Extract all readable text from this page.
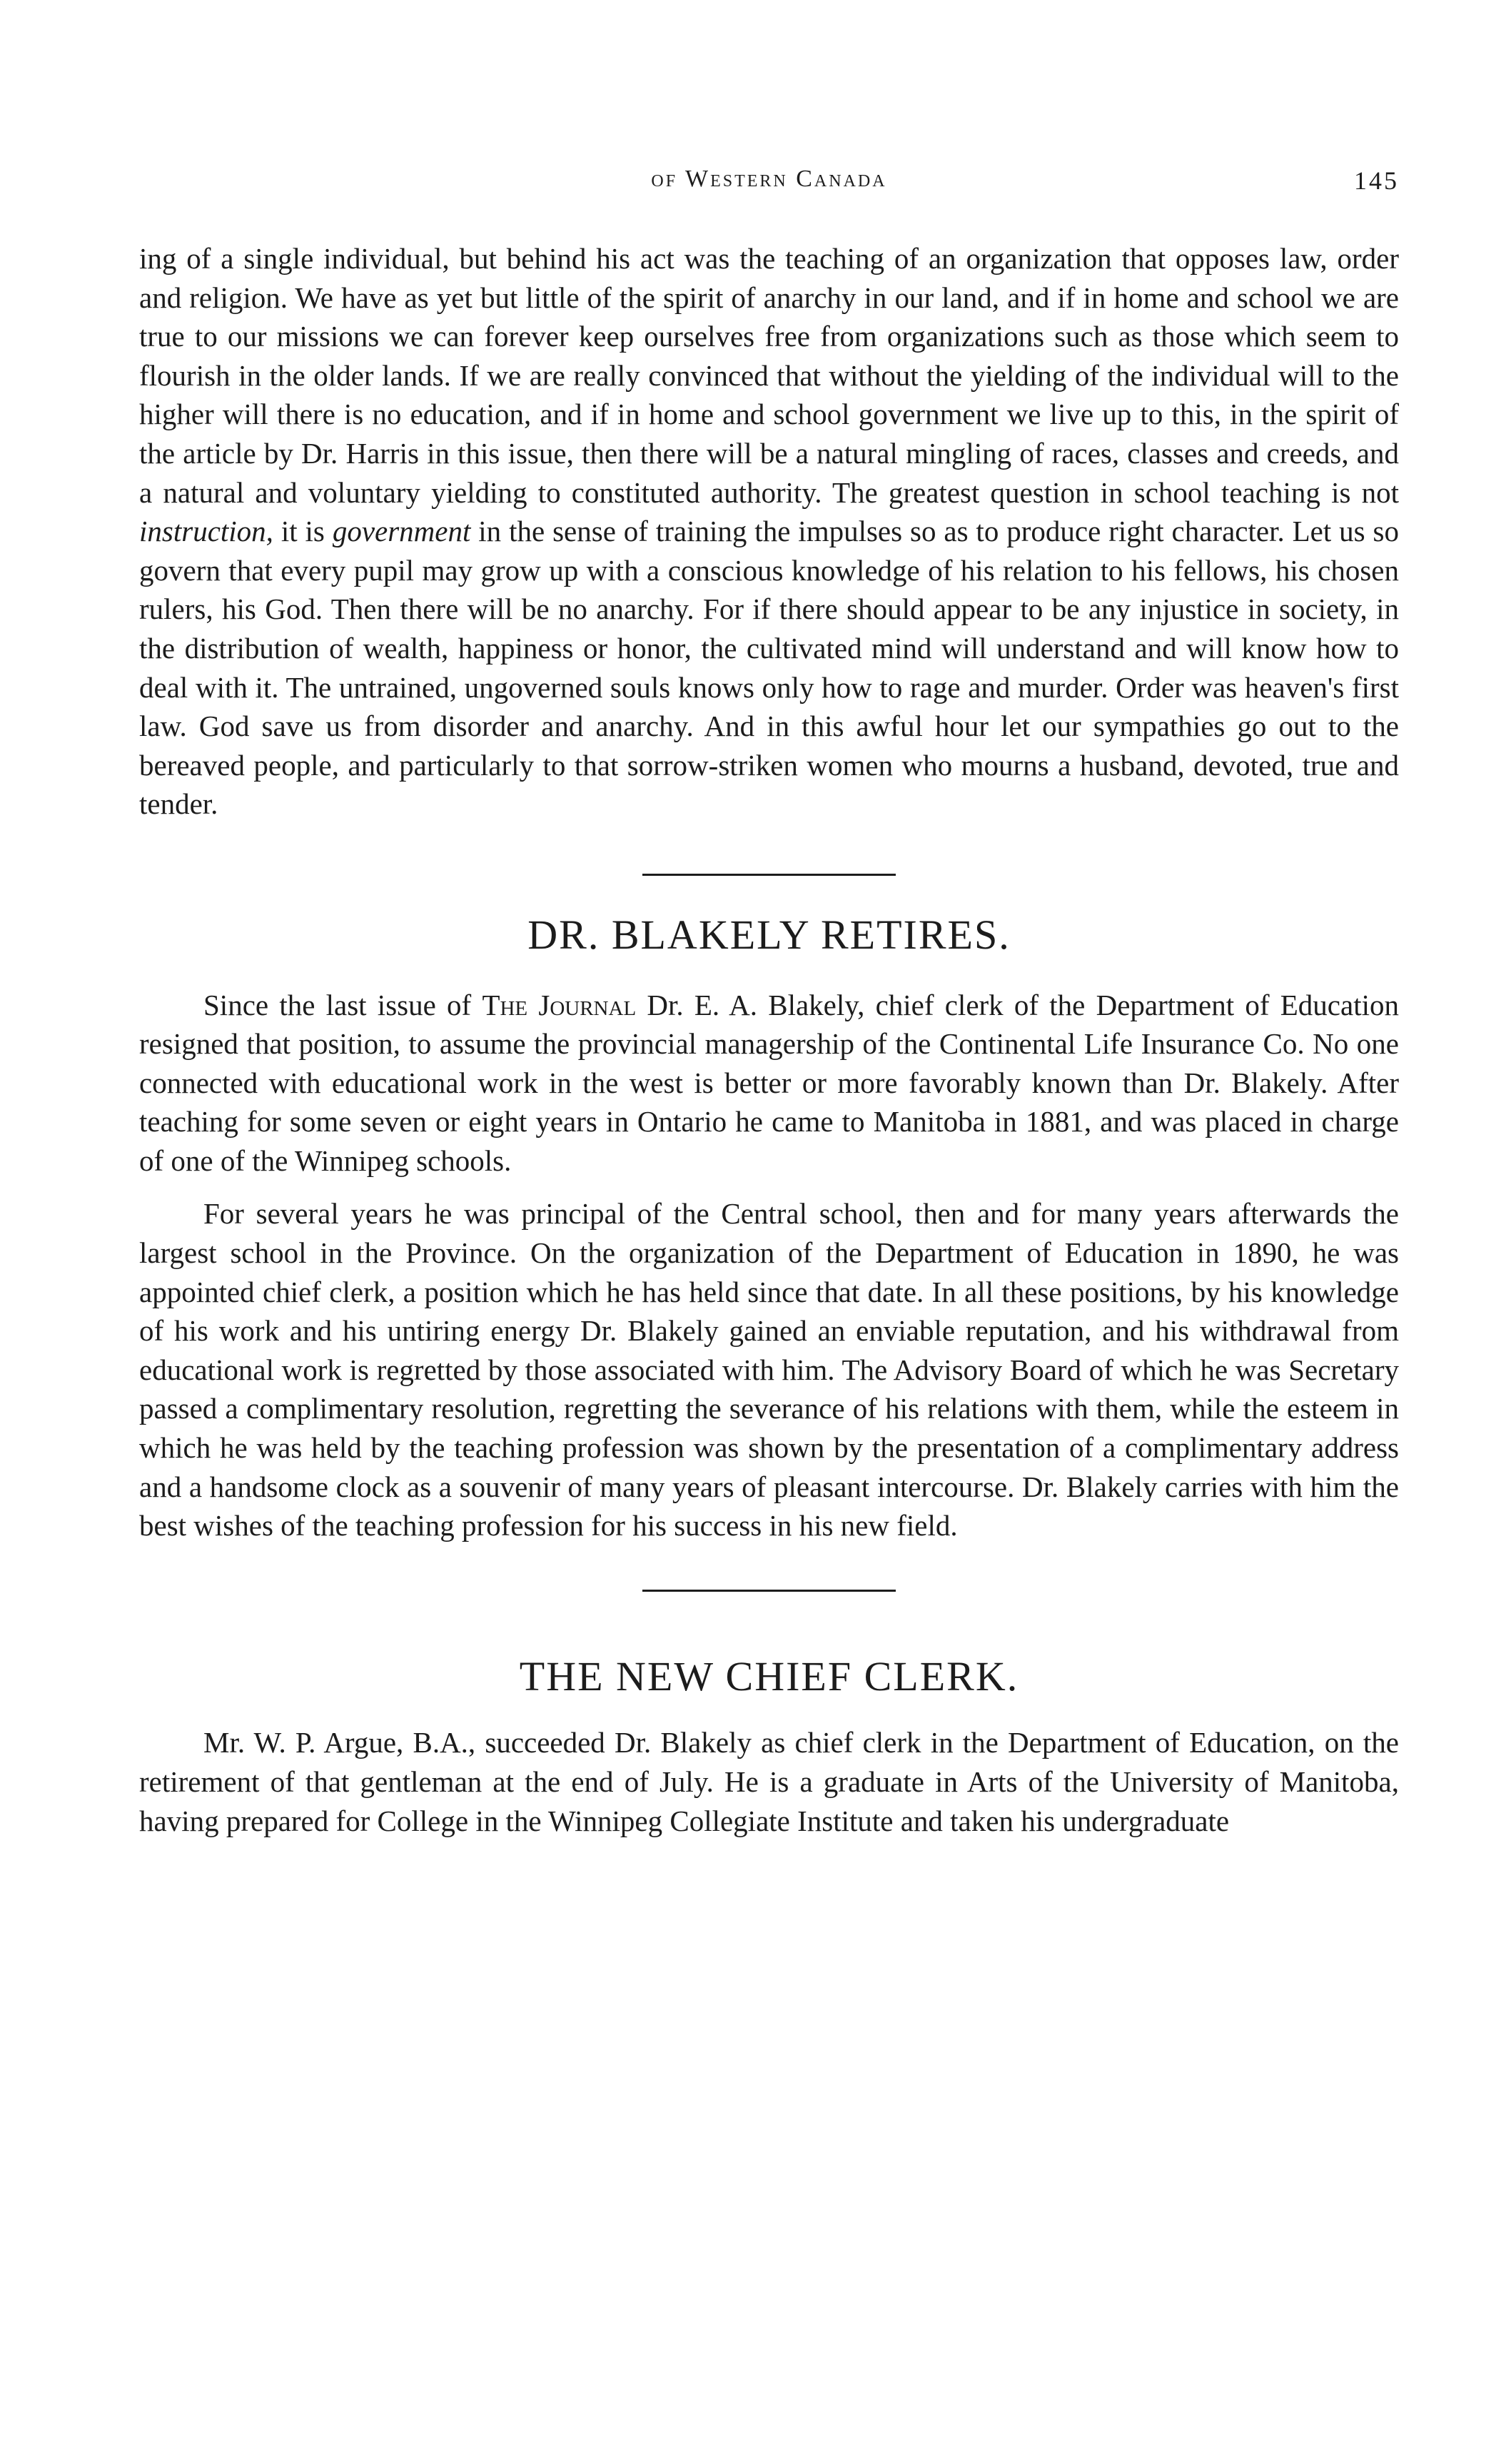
of Western Canada	145

ing of a single individual, but behind his act was the teaching of an organization that opposes law, order and religion. We have as yet but little of the spirit of anarchy in our land, and if in home and school we are true to our missions we can forever keep ourselves free from organizations such as those which seem to flourish in the older lands. If we are really convinced that without the yielding of the individual will to the higher will there is no education, and if in home and school government we live up to this, in the spirit of the article by Dr. Harris in this issue, then there will be a natural mingling of races, classes and creeds, and a natural and voluntary yielding to constituted authority. The greatest question in school teaching is not instruction, it is government in the sense of training the impulses so as to produce right character. Let us so govern that every pupil may grow up with a conscious knowledge of his relation to his fellows, his chosen rulers, his God. Then there will be no anarchy. For if there should appear to be any injustice in society, in the distribution of wealth, happiness or honor, the cultivated mind will understand and will know how to deal with it. The untrained, ungoverned souls knows only how to rage and murder. Order was heaven's first law. God save us from disorder and anarchy. And in this awful hour let our sympathies go out to the bereaved people, and particularly to that sorrow-striken women who mourns a husband, devoted, true and tender.

DR. BLAKELY RETIRES.

Since the last issue of The Journal Dr. E. A. Blakely, chief clerk of the Department of Education resigned that position, to assume the provincial managership of the Continental Life Insurance Co. No one connected with educational work in the west is better or more favorably known than Dr. Blakely. After teaching for some seven or eight years in Ontario he came to Manitoba in 1881, and was placed in charge of one of the Winnipeg schools.

For several years he was principal of the Central school, then and for many years afterwards the largest school in the Province. On the organization of the Department of Education in 1890, he was appointed chief clerk, a position which he has held since that date. In all these positions, by his knowledge of his work and his untiring energy Dr. Blakely gained an enviable reputation, and his withdrawal from educational work is regretted by those associated with him. The Advisory Board of which he was Secretary passed a complimentary resolution, regretting the severance of his relations with them, while the esteem in which he was held by the teaching profession was shown by the presentation of a complimentary address and a handsome clock as a souvenir of many years of pleasant intercourse. Dr. Blakely carries with him the best wishes of the teaching profession for his success in his new field.

THE NEW CHIEF CLERK.

Mr. W. P. Argue, B.A., succeeded Dr. Blakely as chief clerk in the Department of Education, on the retirement of that gentleman at the end of July. He is a graduate in Arts of the University of Manitoba, having prepared for College in the Winnipeg Collegiate Institute and taken his undergraduate
